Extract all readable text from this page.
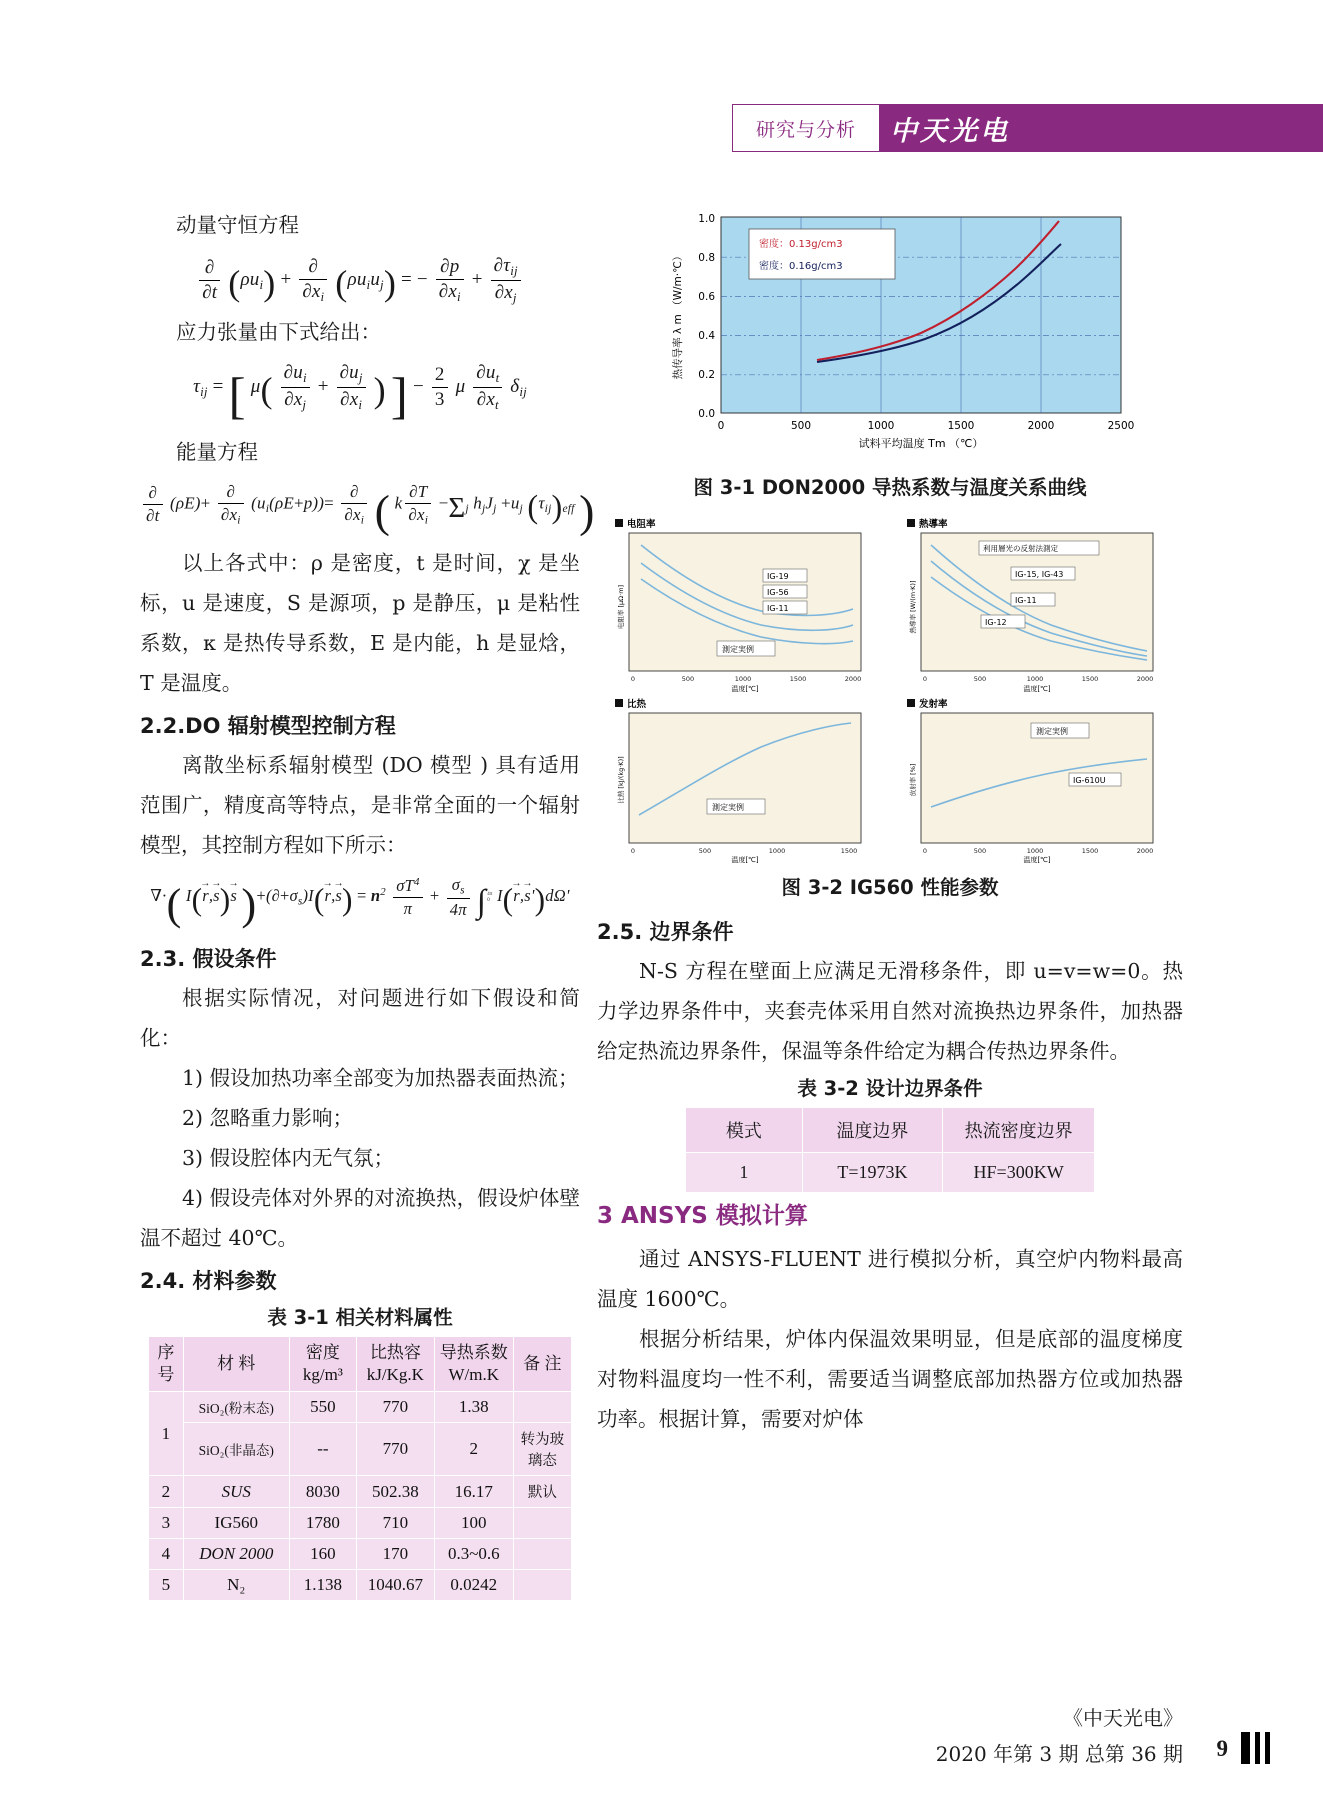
研究与分析 中天光电
动量守恒方程
$\frac{\partial}{\partial t} (\rho u_i) + \frac{\partial}{\partial x_i} (\rho u_iu_j)$ = − $\frac{\partial p}{\partial x_i} + \frac{\partial\tau_{ij}}{\partial x_j}$
应力张量由下式给出：
$\tau_{ij}$ = [ $\mu( \frac{\partial u_i}{\partial x_j} + \frac{\partial u_j}{\partial x_i}$ ) ] − $\frac{2}{3}$ μ $\frac{\partial u_t}{\partial x_t} \delta_{ij}$
能量方程
$\frac{\partial}{\partial t} (\rho E)+ \frac{\partial}{\partial x_i} (u_i(\rho E+p))= \frac{\partial}{\partial x_i}$ ( k $\frac{\partial T}{\partial x_i} -\Sigma_j$ $h_jJ_j +u_j$ $(\tau_{ij})_{eff}$ )

以上各式中：ρ 是密度，t 是时间，χ 是坐标，u 是速度，S 是源项，p 是静压，μ 是粘性系数，κ 是热传导系数，E 是内能，h 是显焓，T 是温度。

2.2.DO 辐射模型控制方程

离散坐标系辐射模型 (DO 模型 ) 具有适用范围广，精度高等特点，是非常全面的一个辐射模型，其控制方程如下所示：

∇·( I(→ r,→ s)→ s )$+(\partial+\sigma_s)I(\to r,\to s) = n^2 \frac{\sigma T^4}{\pi} + \frac{\sigma_s}{4\pi} \int 4\pi$
0 I(→ r,→ s')dΩ'
2.3. 假设条件

根据实际情况，对问题进行如下假设和简化：

1) 假设加热功率全部变为加热器表面热流；

2) 忽略重力影响；

3) 假设腔体内无气氛；

4) 假设壳体对外界的对流换热，假设炉体壁温不超过 40℃。

2.4. 材料参数
表 3-1 相关材料属性
序
号	材 料	密度
kg/m³	比热容
kJ/Kg.K	导热系数
W/m.K	备 注
1	SiO₂(粉末态)	550	770	1.38	
	SiO₂(非晶态)	--	770	2	转为玻璃态
2	SUS	8030	502.38	16.17	默认
3	IG560	1780	710	100	
4	DON 2000	160	170	0.3~0.6	
5	N₂	1.138	1040.67	0.0242	
密度：0.13g/cm3
密度：0.16g/cm3
0.0
0.2
0.4
0.6
0.8
1.0
0	500	1000	1500	2000	2500
试料平均温度 Tm （℃）
热传导率 λ m （W/m·℃）
图 3-1 DON2000 导热系数与温度关系曲线
电阻率
IG-19
IG-56
IG-11
測定実例
0	500	1000	1500	2000
温度[℃]
电阻率 [μΩ·m]
熱導率
利用層光の反射法測定
IG-15, IG-43
IG-11
IG-12
0	500	1000	1500	2000
温度[℃]
熱導率 [W/(m·K)]
比热
測定実例
0	500	1000	1500
温度[℃]
比熱 [kJ/(kg·K)]
发射率
測定実例
IG-610U
0	500	1000	1500	2000
温度[℃]
放射率 [%]
图 3-2 IG560 性能参数
2.5. 边界条件

N-S 方程在壁面上应满足无滑移条件，即 u=v=w=0。热力学边界条件中，夹套壳体采用自然对流换热边界条件，加热器给定热流边界条件，保温等条件给定为耦合传热边界条件。

表 3-2 设计边界条件
模式	温度边界	热流密度边界
1	T=1973K	HF=300KW
3 ANSYS 模拟计算

通过 ANSYS-FLUENT 进行模拟分析，真空炉内物料最高温度 1600℃。

根据分析结果，炉体内保温效果明显，但是底部的温度梯度对物料温度均一性不利，需要适当调整底部加热器方位或加热器功率。根据计算，需要对炉体

《中天光电》
2020 年第 3 期 总第 36 期 9
